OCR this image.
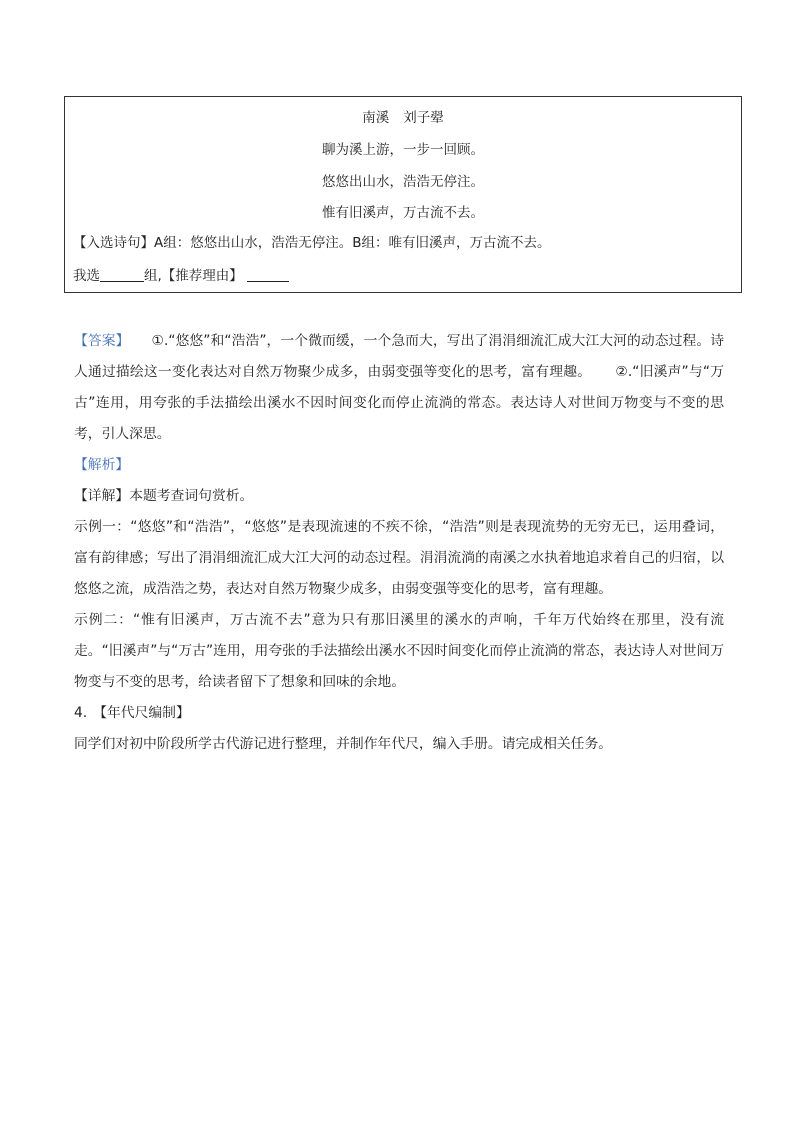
南溪 刘子翚
聊为溪上游，一步一回顾。
悠悠出山水，浩浩无停注。
惟有旧溪声，万古流不去。
【入选诗句】A组：悠悠出山水，浩浩无停注。B组：唯有旧溪声，万古流不去。
我选	组,【推荐理由】
【答案】 ①.“悠悠”和“浩浩”，一个微而缓，一个急而大，写出了涓涓细流汇成大江大河的动态过程。诗人通过描绘这一变化表达对自然万物聚少成多，由弱变强等变化的思考，富有理趣。 ②.“旧溪声”与“万古”连用，用夸张的手法描绘出溪水不因时间变化而停止流淌的常态。表达诗人对世间万物变与不变的思考，引人深思。
【解析】
【详解】本题考查词句赏析。
示例一：“悠悠”和“浩浩”，“悠悠”是表现流速的不疾不徐，“浩浩”则是表现流势的无穷无已，运用叠词，富有韵律感；写出了涓涓细流汇成大江大河的动态过程。涓涓流淌的南溪之水执着地追求着自己的归宿，以悠悠之流，成浩浩之势，表达对自然万物聚少成多，由弱变强等变化的思考，富有理趣。
示例二：“惟有旧溪声，万古流不去”意为只有那旧溪里的溪水的声响，千年万代始终在那里，没有流走。“旧溪声”与“万古”连用，用夸张的手法描绘出溪水不因时间变化而停止流淌的常态，表达诗人对世间万物变与不变的思考，给读者留下了想象和回味的余地。
4. 【年代尺编制】
同学们对初中阶段所学古代游记进行整理，并制作年代尺，编入手册。请完成相关任务。
